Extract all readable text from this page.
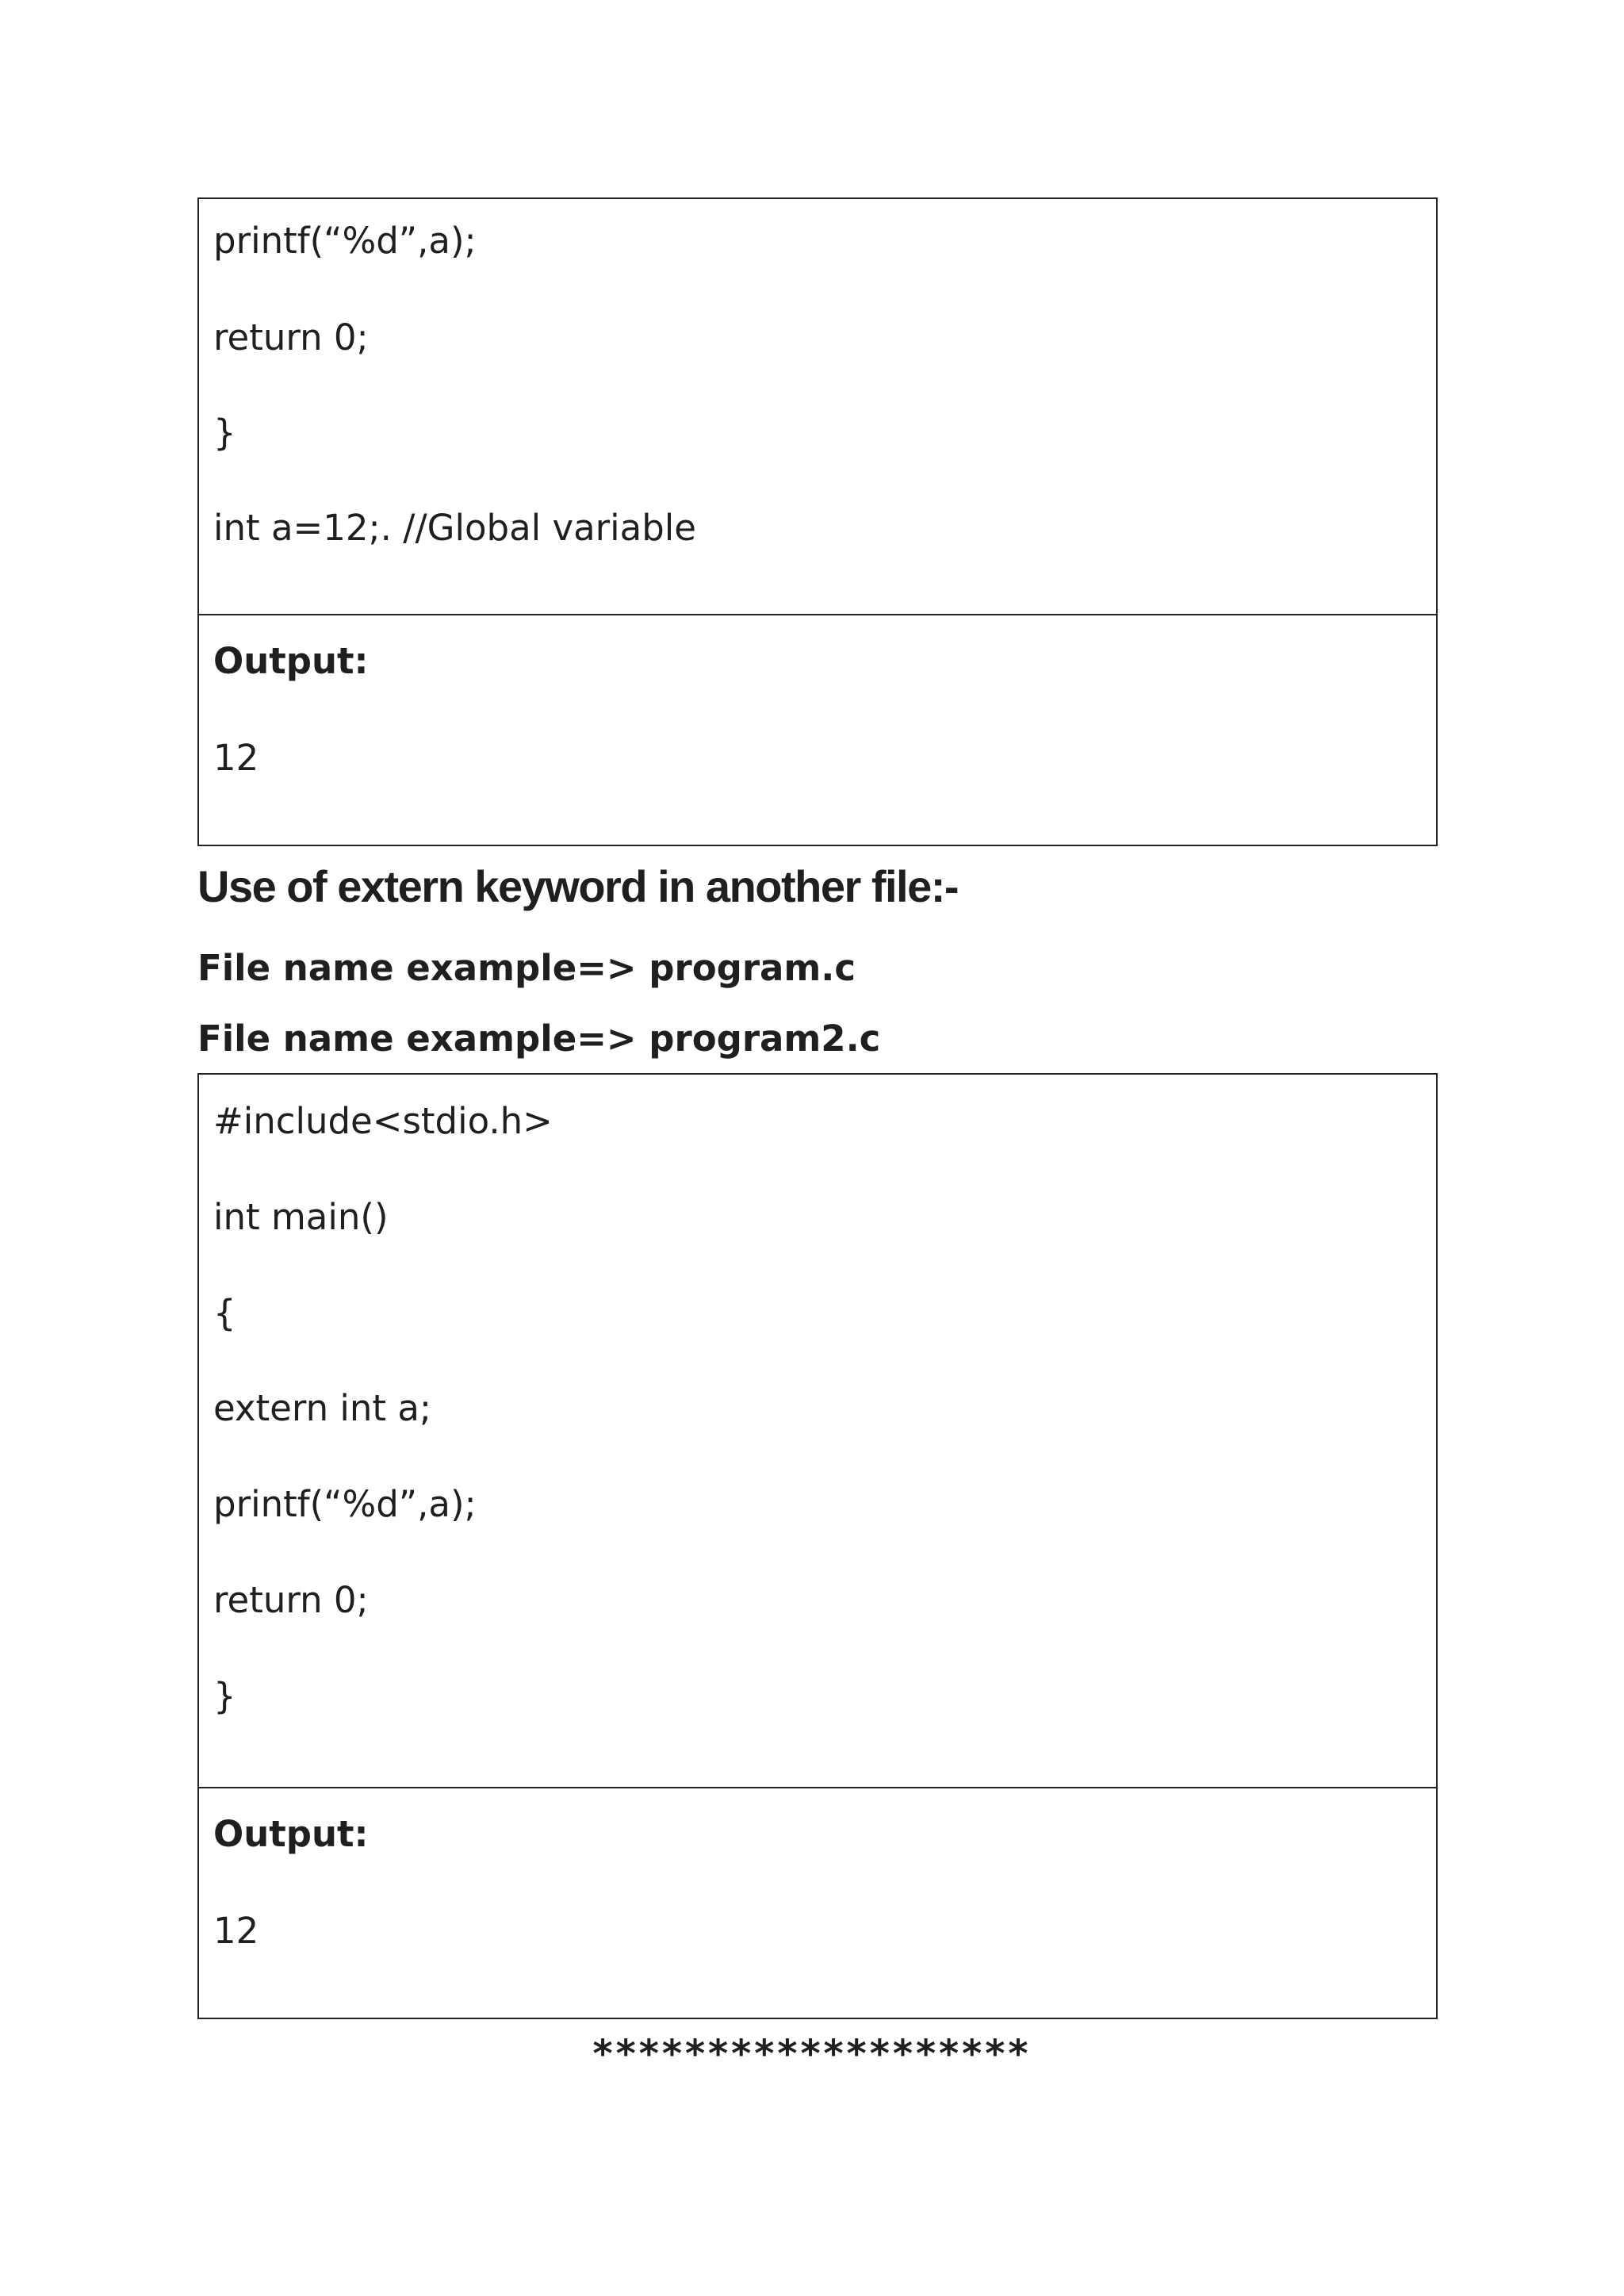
printf(“%d”,a);
return 0;
}
int a=12;. //Global variable
Output:
12
Use of extern keyword in another file:-
File name example=> program.c
File name example=> program2.c
#include<stdio.h>
int main()
{
extern int a;
printf(“%d”,a);
return 0;
}
Output:
12
*******************
